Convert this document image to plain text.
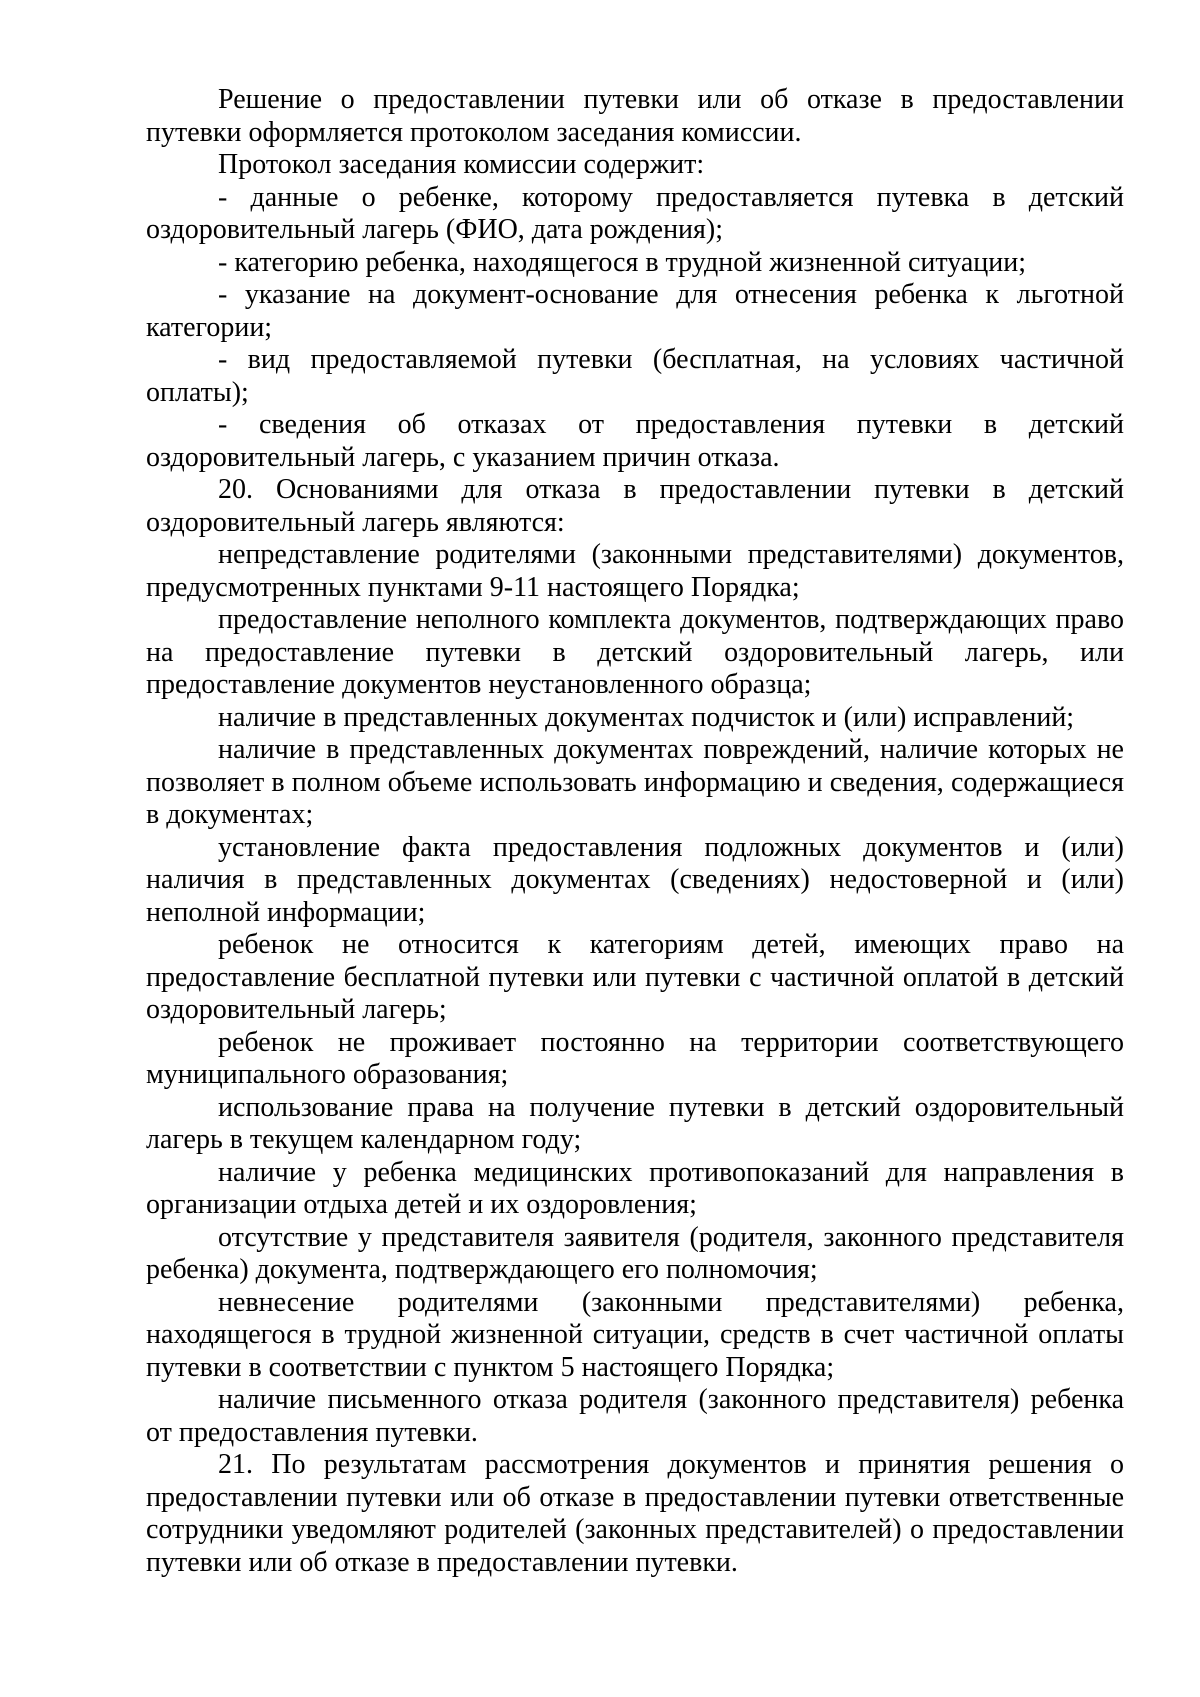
Решение о предоставлении путевки или об отказе в предоставлении путевки оформляется протоколом заседания комиссии.

Протокол заседания комиссии содержит:

- данные о ребенке, которому предоставляется путевка в детский оздоровительный лагерь (ФИО, дата рождения);

- категорию ребенка, находящегося в трудной жизненной ситуации;

- указание на документ-основание для отнесения ребенка к льготной категории;

- вид предоставляемой путевки (бесплатная, на условиях частичной оплаты);

- сведения об отказах от предоставления путевки в детский оздоровительный лагерь, с указанием причин отказа.

20. Основаниями для отказа в предоставлении путевки в детский оздоровительный лагерь являются:

непредставление родителями (законными представителями) документов, предусмотренных пунктами 9-11 настоящего Порядка;

предоставление неполного комплекта документов, подтверждающих право на предоставление путевки в детский оздоровительный лагерь, или предоставление документов неустановленного образца;

наличие в представленных документах подчисток и (или) исправлений;

наличие в представленных документах повреждений, наличие которых не позволяет в полном объеме использовать информацию и сведения, содержащиеся в документах;

установление факта предоставления подложных документов и (или) наличия в представленных документах (сведениях) недостоверной и (или) неполной информации;

ребенок не относится к категориям детей, имеющих право на предоставление бесплатной путевки или путевки с частичной оплатой в детский оздоровительный лагерь;

ребенок не проживает постоянно на территории соответствующего муниципального образования;

использование права на получение путевки в детский оздоровительный лагерь в текущем календарном году;

наличие у ребенка медицинских противопоказаний для направления в организации отдыха детей и их оздоровления;

отсутствие у представителя заявителя (родителя, законного представителя ребенка) документа, подтверждающего его полномочия;

невнесение родителями (законными представителями) ребенка, находящегося в трудной жизненной ситуации, средств в счет частичной оплаты путевки в соответствии с пунктом 5 настоящего Порядка;

наличие письменного отказа родителя (законного представителя) ребенка от предоставления путевки.

21. По результатам рассмотрения документов и принятия решения о предоставлении путевки или об отказе в предоставлении путевки ответственные сотрудники уведомляют родителей (законных представителей) о предоставлении путевки или об отказе в предоставлении путевки.
